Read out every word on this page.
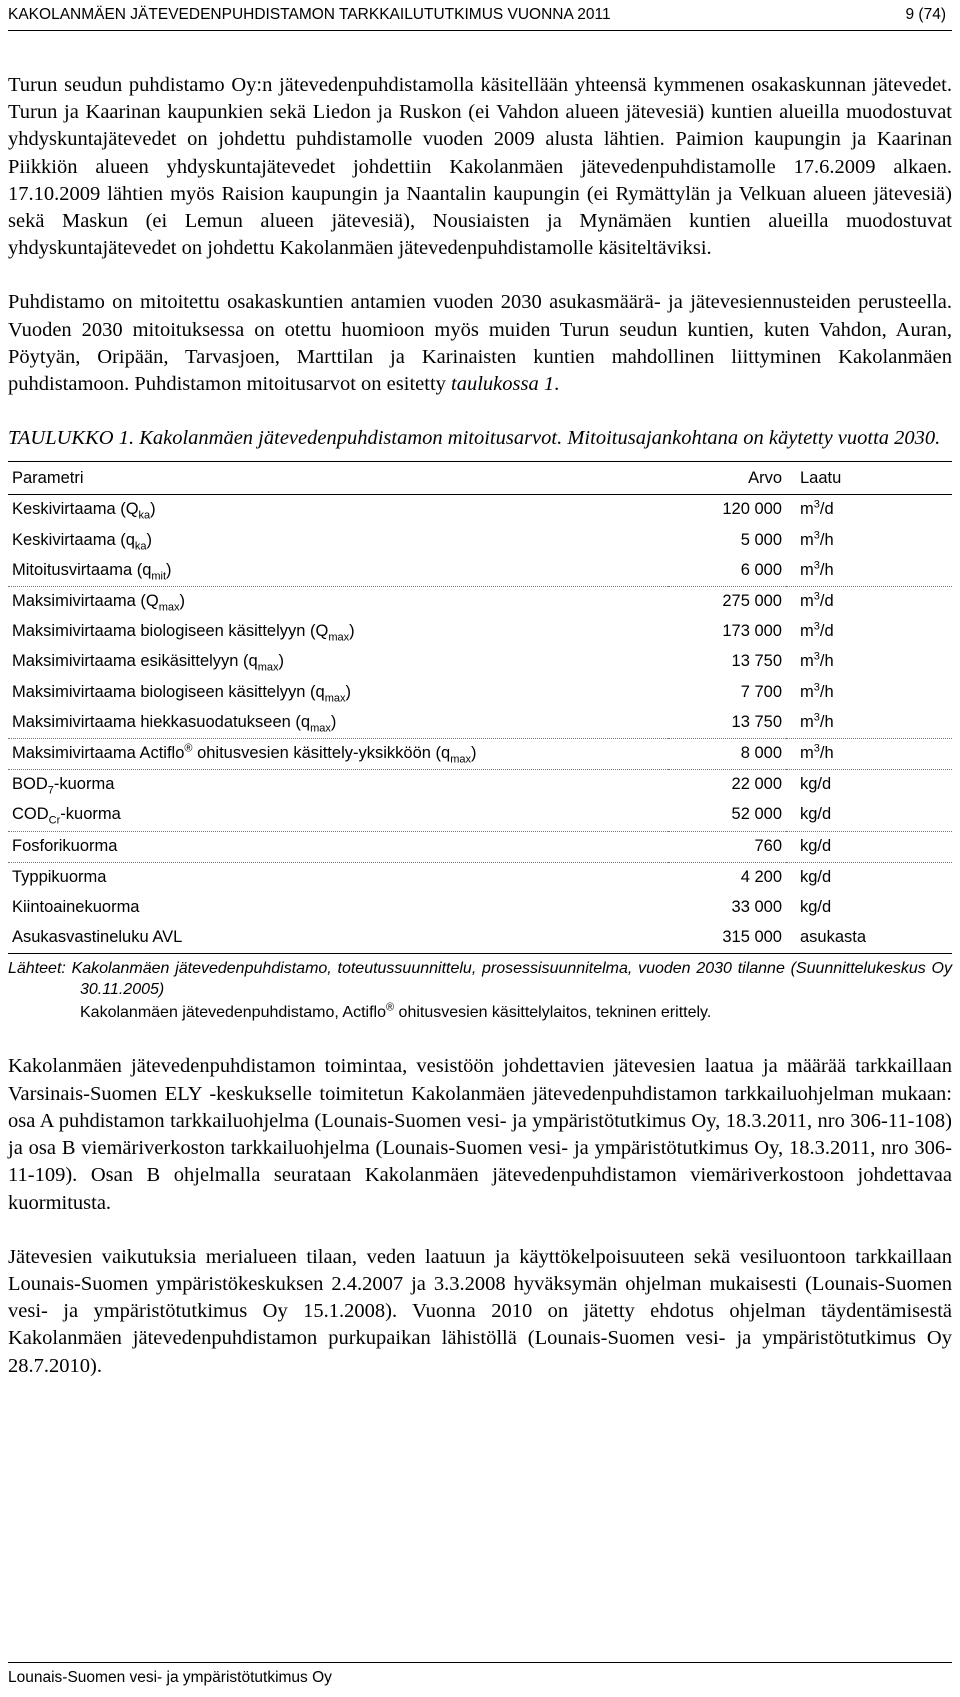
KAKOLANMÄEN JÄTEVEDENPUHDISTAMON TARKKAILUTUTKIMUS VUONNA 2011	9 (74)

Turun seudun puhdistamo Oy:n jätevedenpuhdistamolla käsitellään yhteensä kymmenen osakaskunnan jätevedet. Turun ja Kaarinan kaupunkien sekä Liedon ja Ruskon (ei Vahdon alueen jätevesiä) kuntien alueilla muodostuvat yhdyskuntajätevedet on johdettu puhdistamolle vuoden 2009 alusta lähtien. Paimion kaupungin ja Kaarinan Piikkiön alueen yhdyskuntajätevedet johdettiin Kakolanmäen jätevedenpuhdistamolle 17.6.2009 alkaen. 17.10.2009 lähtien myös Raision kaupungin ja Naantalin kaupungin (ei Rymättylän ja Velkuan alueen jätevesiä) sekä Maskun (ei Lemun alueen jätevesiä), Nousiaisten ja Mynämäen kuntien alueilla muodostuvat yhdyskuntajätevedet on johdettu Kakolanmäen jätevedenpuhdistamolle käsiteltäviksi.

Puhdistamo on mitoitettu osakaskuntien antamien vuoden 2030 asukasmäärä- ja jätevesiennusteiden perusteella. Vuoden 2030 mitoituksessa on otettu huomioon myös muiden Turun seudun kuntien, kuten Vahdon, Auran, Pöytyän, Oripään, Tarvasjoen, Marttilan ja Karinaisten kuntien mahdollinen liittyminen Kakolanmäen puhdistamoon. Puhdistamon mitoitusarvot on esitetty taulukossa 1.

TAULUKKO 1. Kakolanmäen jätevedenpuhdistamon mitoitusarvot. Mitoitusajankohtana on käytetty vuotta 2030.

Parametri	Arvo	Laatu
Keskivirtaama $(Q_{ka})$	120 000	$m^3/d$
Keskivirtaama $(q_{ka})$	5 000	$m^3/h$
Mitoitusvirtaama $(q_{mit})$	6 000	$m^3/h$
Maksimivirtaama $(Q_{max})$	275 000	$m^3/d$
Maksimivirtaama biologiseen käsittelyyn $(Q_{max})$	173 000	$m^3/d$
Maksimivirtaama esikäsittelyyn $(q_{max})$	13 750	$m^3/h$
Maksimivirtaama biologiseen käsittelyyn $(q_{max})$	7 700	$m^3/h$
Maksimivirtaama hiekkasuodatukseen $(q_{max})$	13 750	$m^3/h$
Maksimivirtaama Actiflo® ohitusvesien käsittely-yksikköön $(q_{max})$	8 000	$m^3/h$
$BOD_7$-kuorma	22 000	kg/d
$COD_{Cr}$-kuorma	52 000	kg/d
Fosforikuorma	760	kg/d
Typpikuorma	4 200	kg/d
Kiintoainekuorma	33 000	kg/d
Asukasvastineluku AVL	315 000	asukasta
Lähteet: Kakolanmäen jätevedenpuhdistamo, toteutussuunnittelu, prosessisuunnitelma, vuoden 2030 tilanne (Suunnittelukeskus Oy 30.11.2005)
Kakolanmäen jätevedenpuhdistamo, Actiflo® ohitusvesien käsittelylaitos, tekninen erittely.

Kakolanmäen jätevedenpuhdistamon toimintaa, vesistöön johdettavien jätevesien laatua ja määrää tarkkaillaan Varsinais-Suomen ELY -keskukselle toimitetun Kakolanmäen jätevedenpuhdistamon tarkkailuohjelman mukaan: osa A puhdistamon tarkkailuohjelma (Lounais-Suomen vesi- ja ympäristötutkimus Oy, 18.3.2011, nro 306-11-108) ja osa B viemäriverkoston tarkkailuohjelma (Lounais-Suomen vesi- ja ympäristötutkimus Oy, 18.3.2011, nro 306-11-109). Osan B ohjelmalla seurataan Kakolanmäen jätevedenpuhdistamon viemäriverkostoon johdettavaa kuormitusta.

Jätevesien vaikutuksia merialueen tilaan, veden laatuun ja käyttökelpoisuuteen sekä vesiluontoon tarkkaillaan Lounais-Suomen ympäristökeskuksen 2.4.2007 ja 3.3.2008 hyväksymän ohjelman mukaisesti (Lounais-Suomen vesi- ja ympäristötutkimus Oy 15.1.2008). Vuonna 2010 on jätetty ehdotus ohjelman täydentämisestä Kakolanmäen jätevedenpuhdistamon purkupaikan lähistöllä (Lounais-Suomen vesi- ja ympäristötutkimus Oy 28.7.2010).

Lounais-Suomen vesi- ja ympäristötutkimus Oy
